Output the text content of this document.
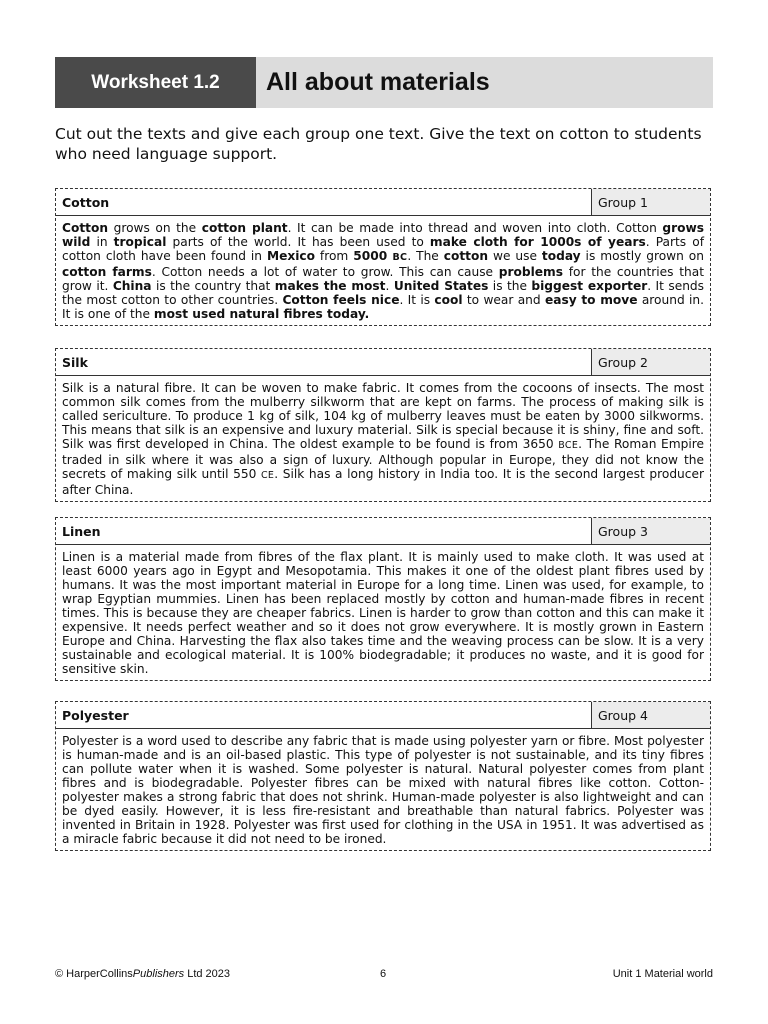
Worksheet 1.2	All about materials
Cut out the texts and give each group one text. Give the text on cotton to students who need language support.
Cotton	Group 1
Cotton grows on the cotton plant. It can be made into thread and woven into cloth. Cotton grows wild in tropical parts of the world. It has been used to make cloth for 1000s of years. Parts of cotton cloth have been found in Mexico from 5000 BC. The cotton we use today is mostly grown on cotton farms. Cotton needs a lot of water to grow. This can cause problems for the countries that grow it. China is the country that makes the most. United States is the biggest exporter. It sends the most cotton to other countries. Cotton feels nice. It is cool to wear and easy to move around in. It is one of the most used natural fibres today.
Silk	Group 2
Silk is a natural fibre. It can be woven to make fabric. It comes from the cocoons of insects. The most common silk comes from the mulberry silkworm that are kept on farms. The process of making silk is called sericulture. To produce 1 kg of silk, 104 kg of mulberry leaves must be eaten by 3000 silkworms. This means that silk is an expensive and luxury material. Silk is special because it is shiny, fine and soft. Silk was first developed in China. The oldest example to be found is from 3650 BCE. The Roman Empire traded in silk where it was also a sign of luxury. Although popular in Europe, they did not know the secrets of making silk until 550 CE. Silk has a long history in India too. It is the second largest producer after China.
Linen	Group 3
Linen is a material made from fibres of the flax plant. It is mainly used to make cloth. It was used at least 6000 years ago in Egypt and Mesopotamia. This makes it one of the oldest plant fibres used by humans. It was the most important material in Europe for a long time. Linen was used, for example, to wrap Egyptian mummies. Linen has been replaced mostly by cotton and human-made fibres in recent times. This is because they are cheaper fabrics. Linen is harder to grow than cotton and this can make it expensive. It needs perfect weather and so it does not grow everywhere. It is mostly grown in Eastern Europe and China. Harvesting the flax also takes time and the weaving process can be slow. It is a very sustainable and ecological material. It is 100% biodegradable; it produces no waste, and it is good for sensitive skin.
Polyester	Group 4
Polyester is a word used to describe any fabric that is made using polyester yarn or fibre. Most polyester is human-made and is an oil-based plastic. This type of polyester is not sustainable, and its tiny fibres can pollute water when it is washed. Some polyester is natural. Natural polyester comes from plant fibres and is biodegradable. Polyester fibres can be mixed with natural fibres like cotton. Cotton-polyester makes a strong fabric that does not shrink. Human-made polyester is also lightweight and can be dyed easily. However, it is less fire-resistant and breathable than natural fabrics. Polyester was invented in Britain in 1928. Polyester was first used for clothing in the USA in 1951. It was advertised as a miracle fabric because it did not need to be ironed.
© HarperCollinsPublishers Ltd 2023	6	Unit 1 Material world
